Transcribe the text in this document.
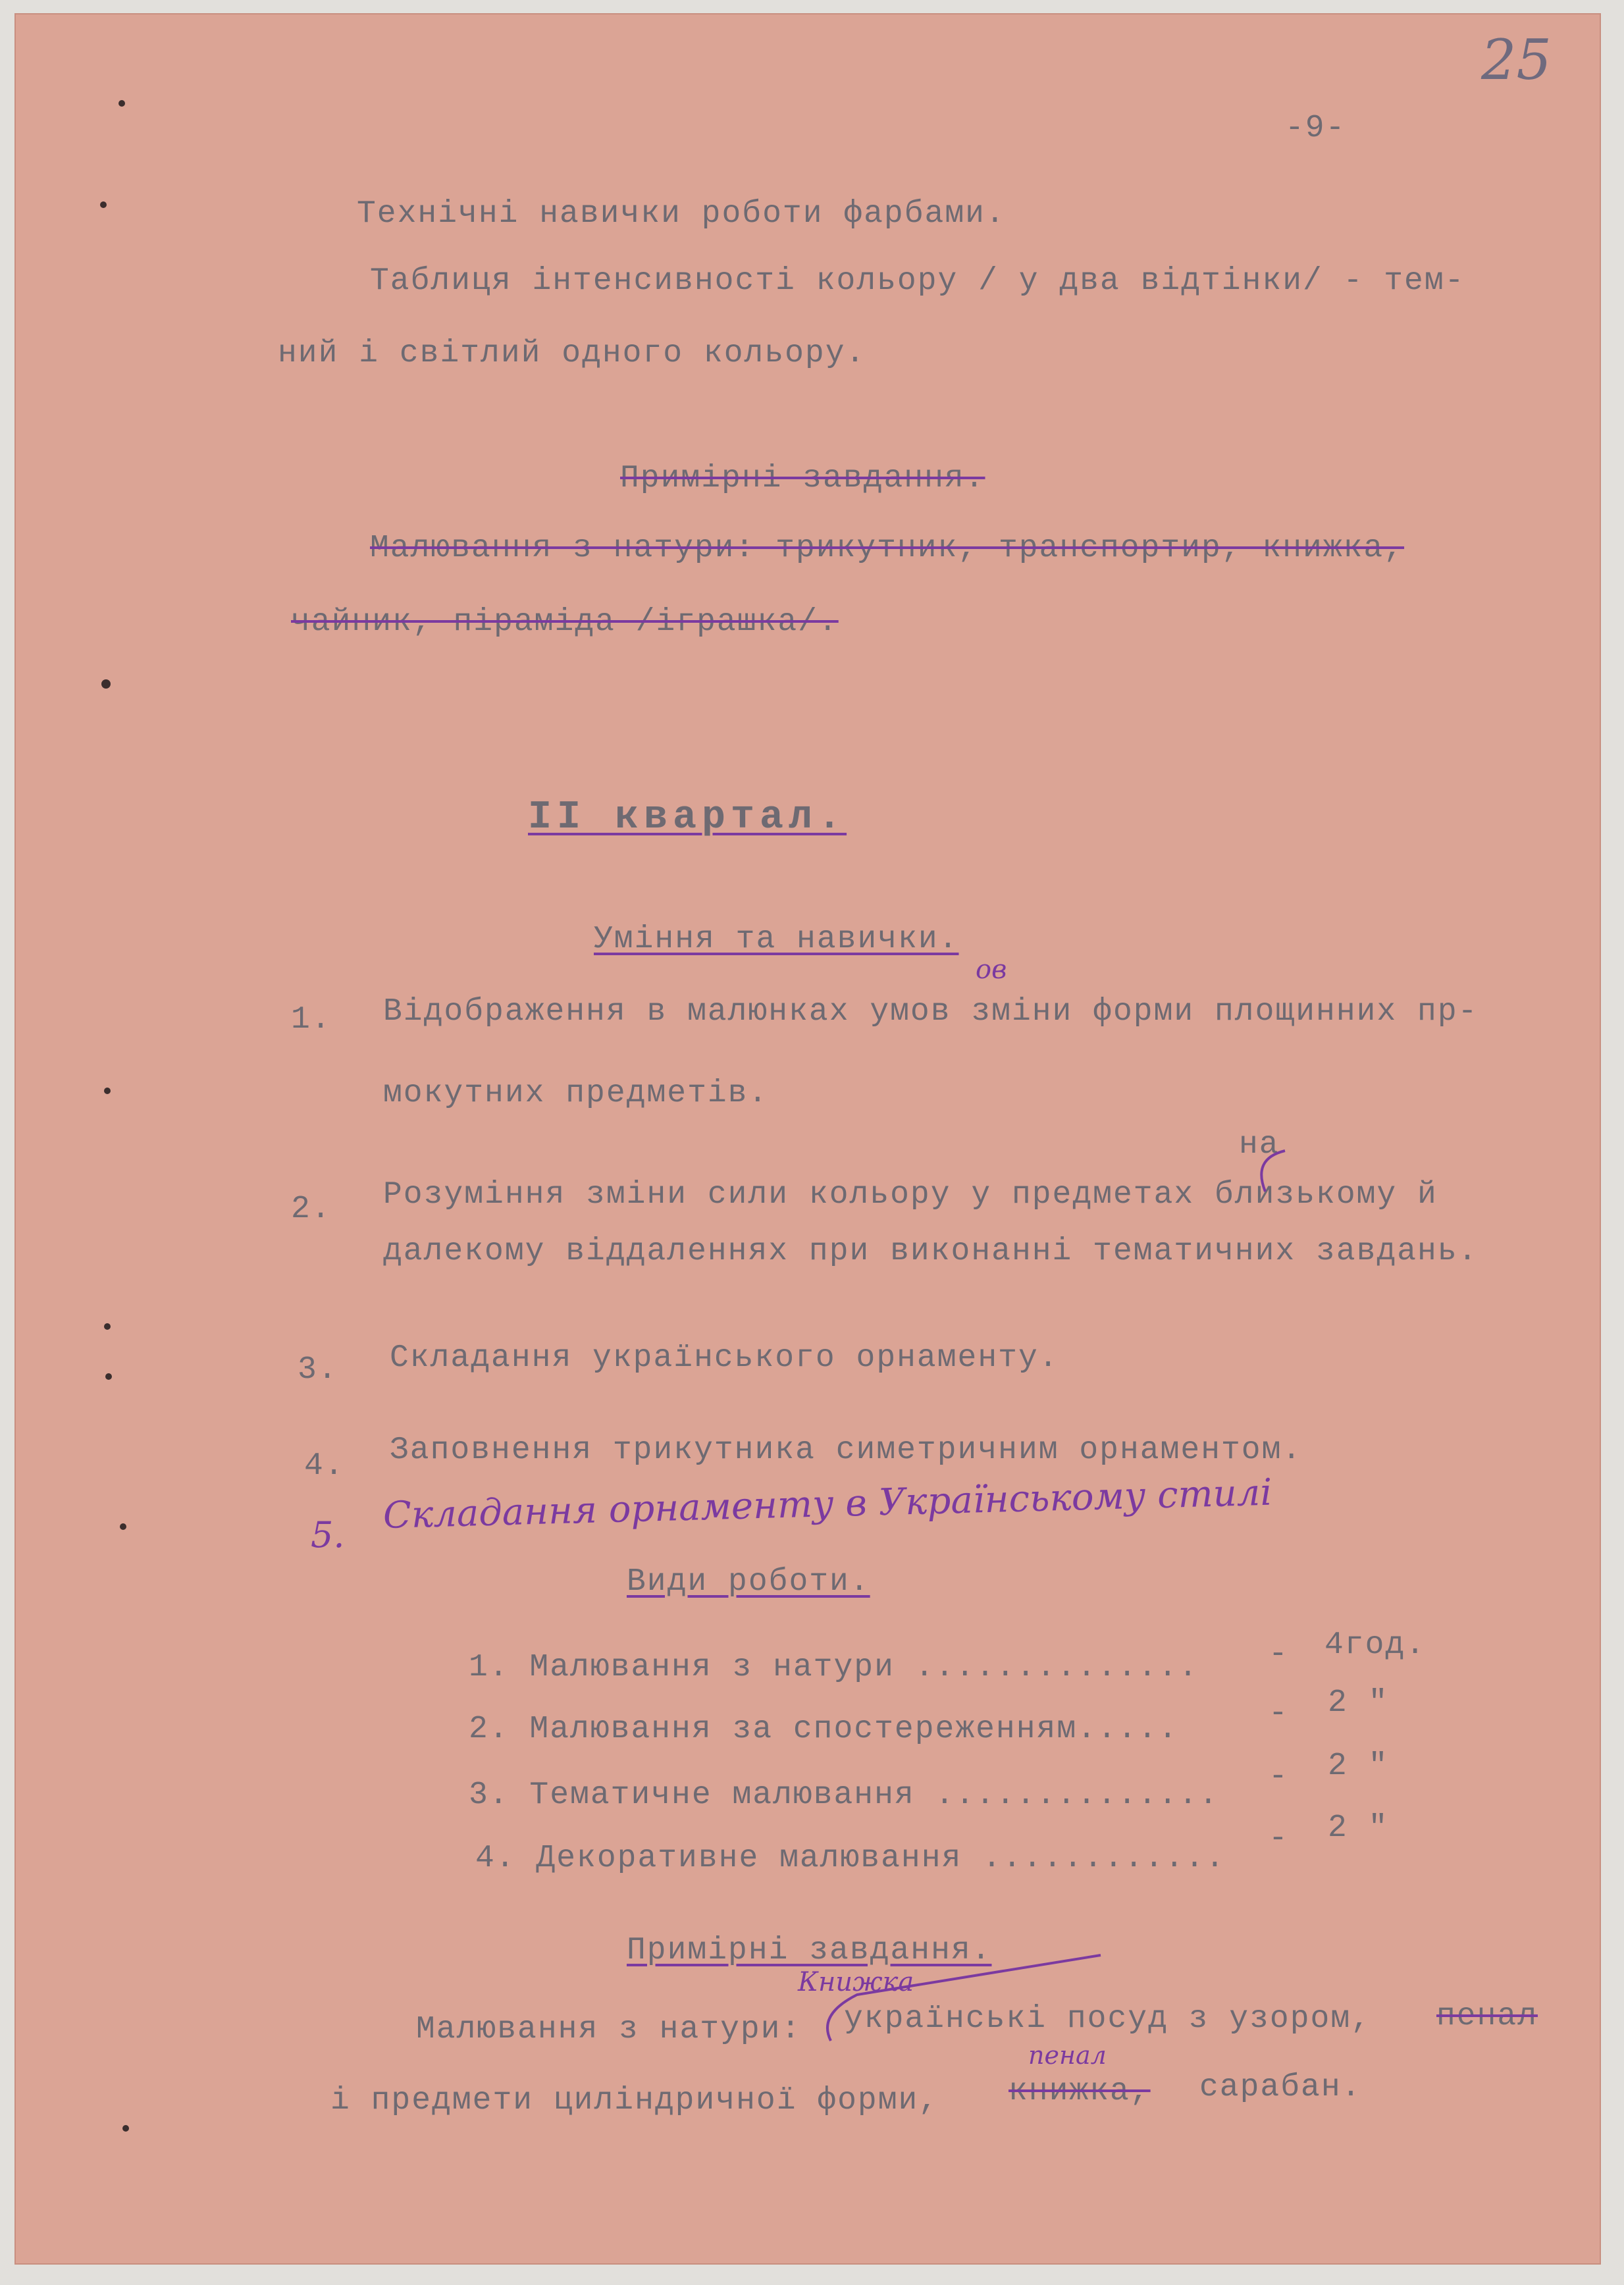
25
-9-
Технічні навички роботи фарбами.
Таблиця інтенсивності кольору / у два відтінки/ - тем-
ний і світлий одного кольору.
Примірні завдання.
Малювання з натури: трикутник, транспортир, книжка,
чайник, піраміда /іграшка/.
II квартал.
Уміння та навички.
1. Відображення в малюнках умов зміни форми площинних пр-
мокутних предметів.
ов
2. Розуміння зміни сили кольору у предметах близькому й
далекому віддаленнях при виконанні тематичних завдань.
на
3. Складання українського орнаменту.
4. Заповнення трикутника симетричним орнаментом.
5. Складання орнаменту в Українському стилі
Види роботи.
1. Малювання з натури .............. - 4год.
2. Малювання за спостереженням.....	- 2 "
3. Тематичне малювання ..............
- 2 "
4. Декоративне малювання ............
- 2 "
Примірні завдання.
Книжка
Малювання з натури: українські посуд з узором, пенал
пенал
і предмети циліндричної форми, книжка, сарабан.
